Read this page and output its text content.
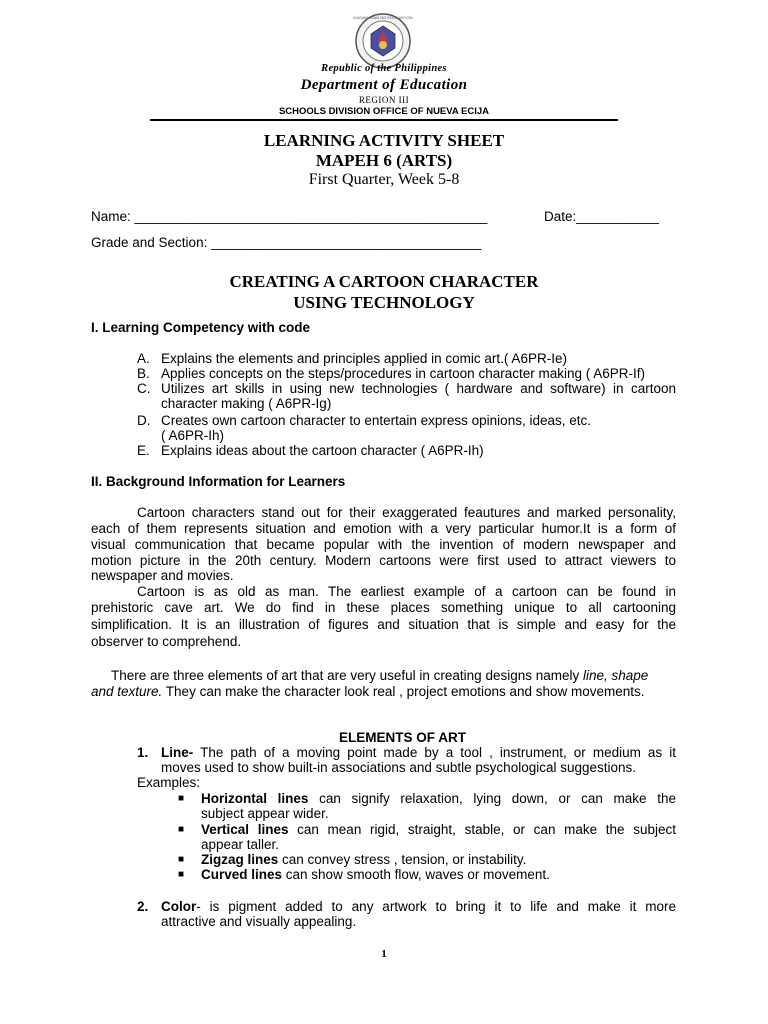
KAGAWARAN NG EDUKASYON
Republic of the Philippines
Department of Education
REGION III
SCHOOLS DIVISION OFFICE OF NUEVA ECIJA
LEARNING ACTIVITY SHEET
MAPEH 6 (ARTS)
First Quarter, Week 5-8
Name: _______________________________________________	Date:___________
Grade and Section: ____________________________________
CREATING A CARTOON CHARACTER
USING TECHNOLOGY
I. Learning Competency with code
A. Explains the elements and principles applied in comic art.( A6PR-Ie)
B. Applies concepts on the steps/procedures in cartoon character making ( A6PR-If)
C. Utilizes art skills in using new technologies ( hardware and software) in cartoon
character making ( A6PR-Ig)
D. Creates own cartoon character to entertain express opinions, ideas, etc.
( A6PR-Ih)
E. Explains ideas about the cartoon character ( A6PR-Ih)
II. Background Information for Learners
Cartoon characters stand out for their exaggerated feautures and marked personality,
each of them represents situation and emotion with a very particular humor.It is a form of
visual communication that became popular with the invention of modern newspaper and
motion picture in the 20th century. Modern cartoons were first used to attract viewers to
newspaper and movies.
Cartoon is as old as man. The earliest example of a cartoon can be found in
prehistoric cave art. We do find in these places something unique to all cartooning
simplification. It is an illustration of figures and situation that is simple and easy for the
observer to comprehend.
There are three elements of art that are very useful in creating designs namely line, shape
and texture. They can make the character look real , project emotions and show movements.
ELEMENTS OF ART
1. Line- The path of a moving point made by a tool , instrument, or medium as it
moves used to show built-in associations and subtle psychological suggestions.
Examples:
■ Horizontal lines can signify relaxation, lying down, or can make the
subject appear wider.
■ Vertical lines can mean rigid, straight, stable, or can make the subject
appear taller.
■ Zigzag lines can convey stress , tension, or instability.
■ Curved lines can show smooth flow, waves or movement.
2. Color- is pigment added to any artwork to bring it to life and make it more
attractive and visually appealing.
1
